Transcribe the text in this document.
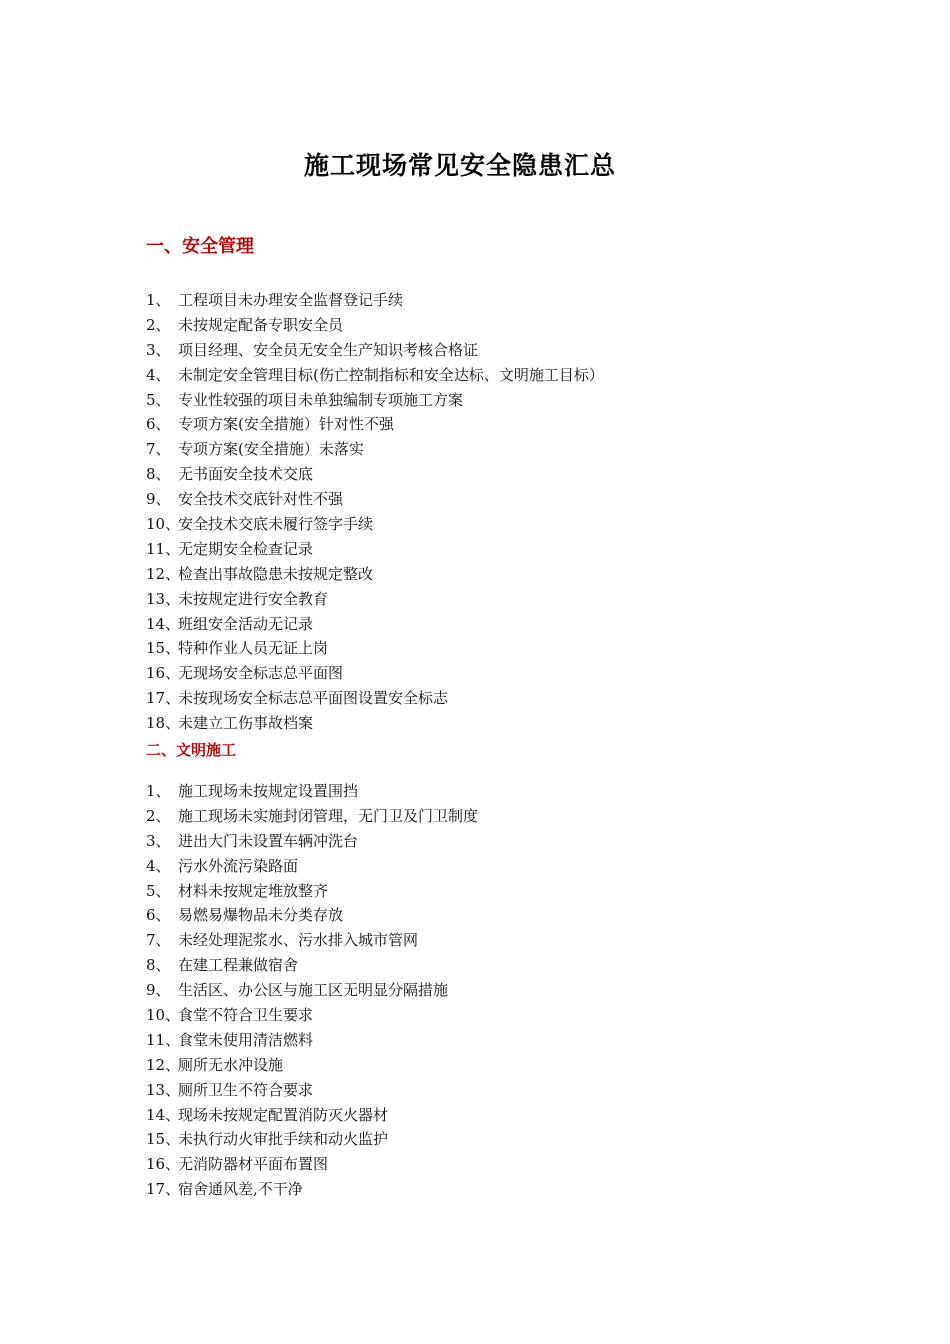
施工现场常见安全隐患汇总
一、安全管理
1、 工程项目未办理安全监督登记手续
2、 未按规定配备专职安全员
3、 项目经理、安全员无安全生产知识考核合格证
4、 未制定安全管理目标(伤亡控制指标和安全达标、文明施工目标）
5、 专业性较强的项目未单独编制专项施工方案
6、 专项方案(安全措施）针对性不强
7、 专项方案(安全措施）未落实
8、 无书面安全技术交底
9、 安全技术交底针对性不强
10、安全技术交底未履行签字手续
11、无定期安全检查记录
12、检查出事故隐患未按规定整改
13、未按规定进行安全教育
14、班组安全活动无记录
15、特种作业人员无证上岗
16、无现场安全标志总平面图
17、未按现场安全标志总平面图设置安全标志
18、未建立工伤事故档案
二、文明施工
1、 施工现场未按规定设置围挡
2、 施工现场未实施封闭管理，无门卫及门卫制度
3、 进出大门未设置车辆冲洗台
4、 污水外流污染路面
5、 材料未按规定堆放整齐
6、 易燃易爆物品未分类存放
7、 未经处理泥浆水、污水排入城市管网
8、 在建工程兼做宿舍
9、 生活区、办公区与施工区无明显分隔措施
10、食堂不符合卫生要求
11、食堂未使用清洁燃料
12、厕所无水冲设施
13、厕所卫生不符合要求
14、现场未按规定配置消防灭火器材
15、未执行动火审批手续和动火监护
16、无消防器材平面布置图
17、宿舍通风差,不干净
